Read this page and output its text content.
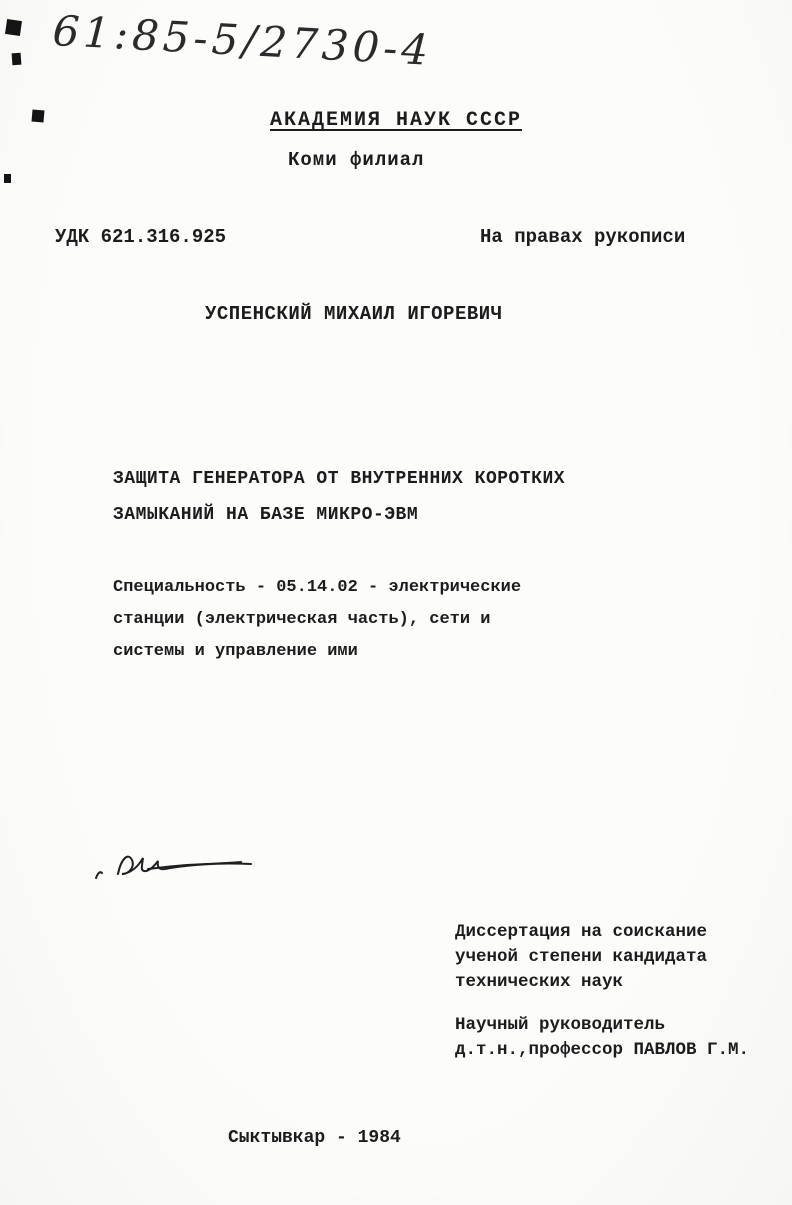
61:85-5/2730-4
АКАДЕМИЯ НАУК СССР
Коми филиал
УДК 621.316.925	На правах рукописи
УСПЕНСКИЙ МИХАИЛ ИГОРЕВИЧ
ЗАЩИТА ГЕНЕРАТОРА ОТ ВНУТРЕННИХ КОРОТКИХ
ЗАМЫКАНИЙ НА БАЗЕ МИКРО-ЭВМ
Специальность - 05.14.02 - электрические
станции (электрическая часть), сети и
системы и управление ими
Диссертация на соискание
ученой степени кандидата
технических наук
Научный руководитель
д.т.н.,профессор ПАВЛОВ Г.М.
Сыктывкар - 1984
